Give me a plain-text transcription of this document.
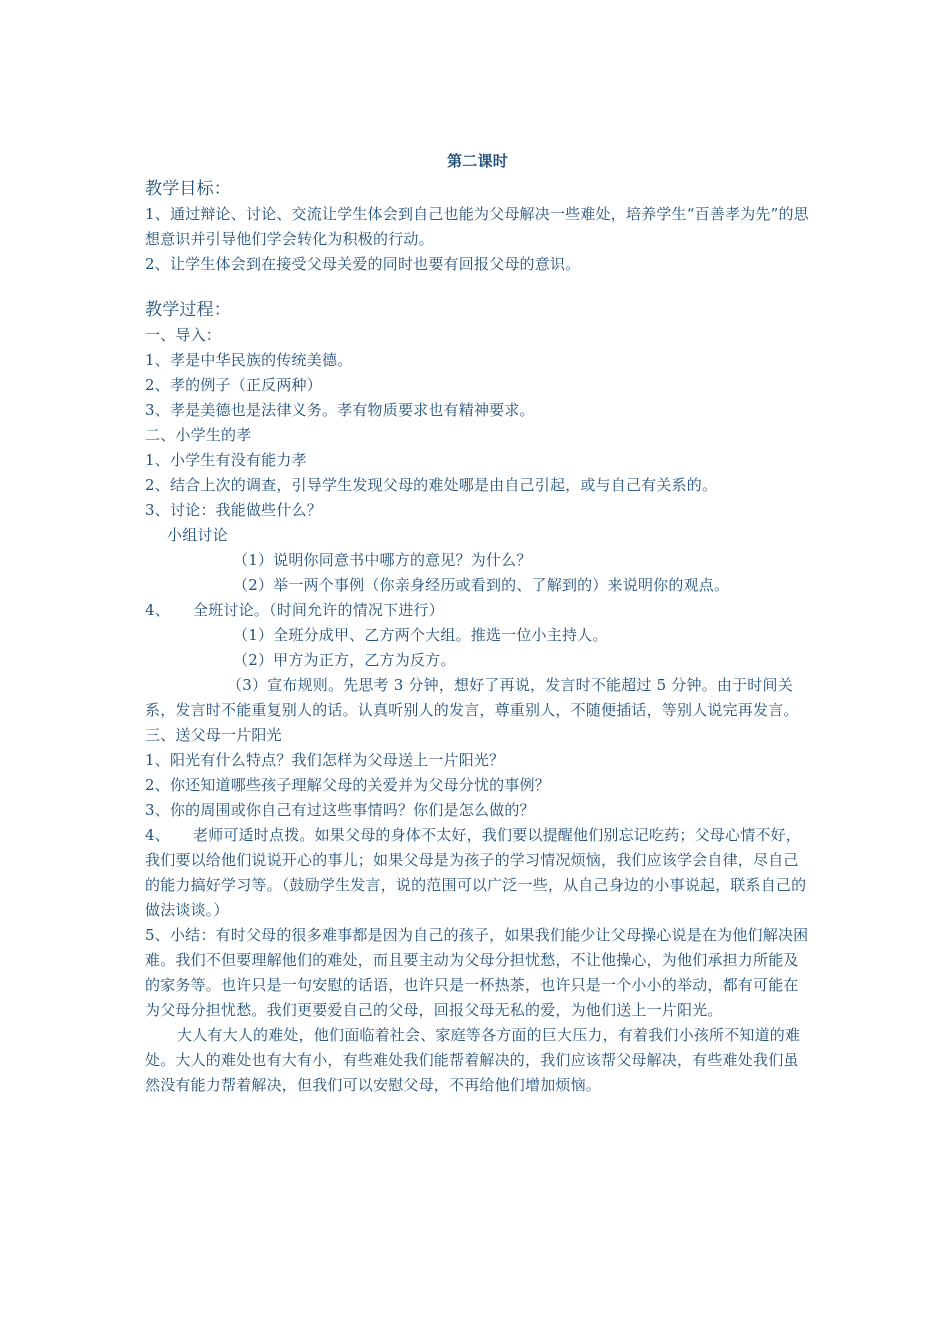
第二课时
教学目标：

1、通过辩论、讨论、交流让学生体会到自己也能为父母解决一些难处，培养学生“百善孝为先”的思想意识并引导他们学会转化为积极的行动。

2、让学生体会到在接受父母关爱的同时也要有回报父母的意识。

教学过程：

一、导入：

1、孝是中华民族的传统美德。

2、孝的例子（正反两种）

3、孝是美德也是法律义务。孝有物质要求也有精神要求。

二、小学生的孝

1、小学生有没有能力孝

2、结合上次的调查，引导学生发现父母的难处哪是由自己引起，或与自己有关系的。

3、讨论：我能做些什么？

小组讨论

（1）说明你同意书中哪方的意见？为什么？

（2）举一两个事例（你亲身经历或看到的、了解到的）来说明你的观点。

4、 全班讨论。（时间允许的情况下进行）

（1）全班分成甲、乙方两个大组。推选一位小主持人。

（2）甲方为正方，乙方为反方。

（3）宣布规则。先思考 3 分钟，想好了再说，发言时不能超过 5 分钟。由于时间关系，发言时不能重复别人的话。认真听别人的发言，尊重别人，不随便插话，等别人说完再发言。

三、送父母一片阳光

1、阳光有什么特点？我们怎样为父母送上一片阳光？

2、你还知道哪些孩子理解父母的关爱并为父母分忧的事例？

3、你的周围或你自己有过这些事情吗？你们是怎么做的？

4、 老师可适时点拨。如果父母的身体不太好，我们要以提醒他们别忘记吃药；父母心情不好，我们要以给他们说说开心的事儿；如果父母是为孩子的学习情况烦恼，我们应该学会自律，尽自己的能力搞好学习等。（鼓励学生发言，说的范围可以广泛一些，从自己身边的小事说起，联系自己的做法谈谈。）

5、小结：有时父母的很多难事都是因为自己的孩子，如果我们能少让父母操心说是在为他们解决困难。我们不但要理解他们的难处，而且要主动为父母分担忧愁，不让他操心，为他们承担力所能及的家务等。也许只是一句安慰的话语，也许只是一杯热茶，也许只是一个小小的举动，都有可能在为父母分担忧愁。我们更要爱自己的父母，回报父母无私的爱，为他们送上一片阳光。

大人有大人的难处，他们面临着社会、家庭等各方面的巨大压力，有着我们小孩所不知道的难处。大人的难处也有大有小，有些难处我们能帮着解决的，我们应该帮父母解决，有些难处我们虽然没有能力帮着解决，但我们可以安慰父母，不再给他们增加烦恼。
